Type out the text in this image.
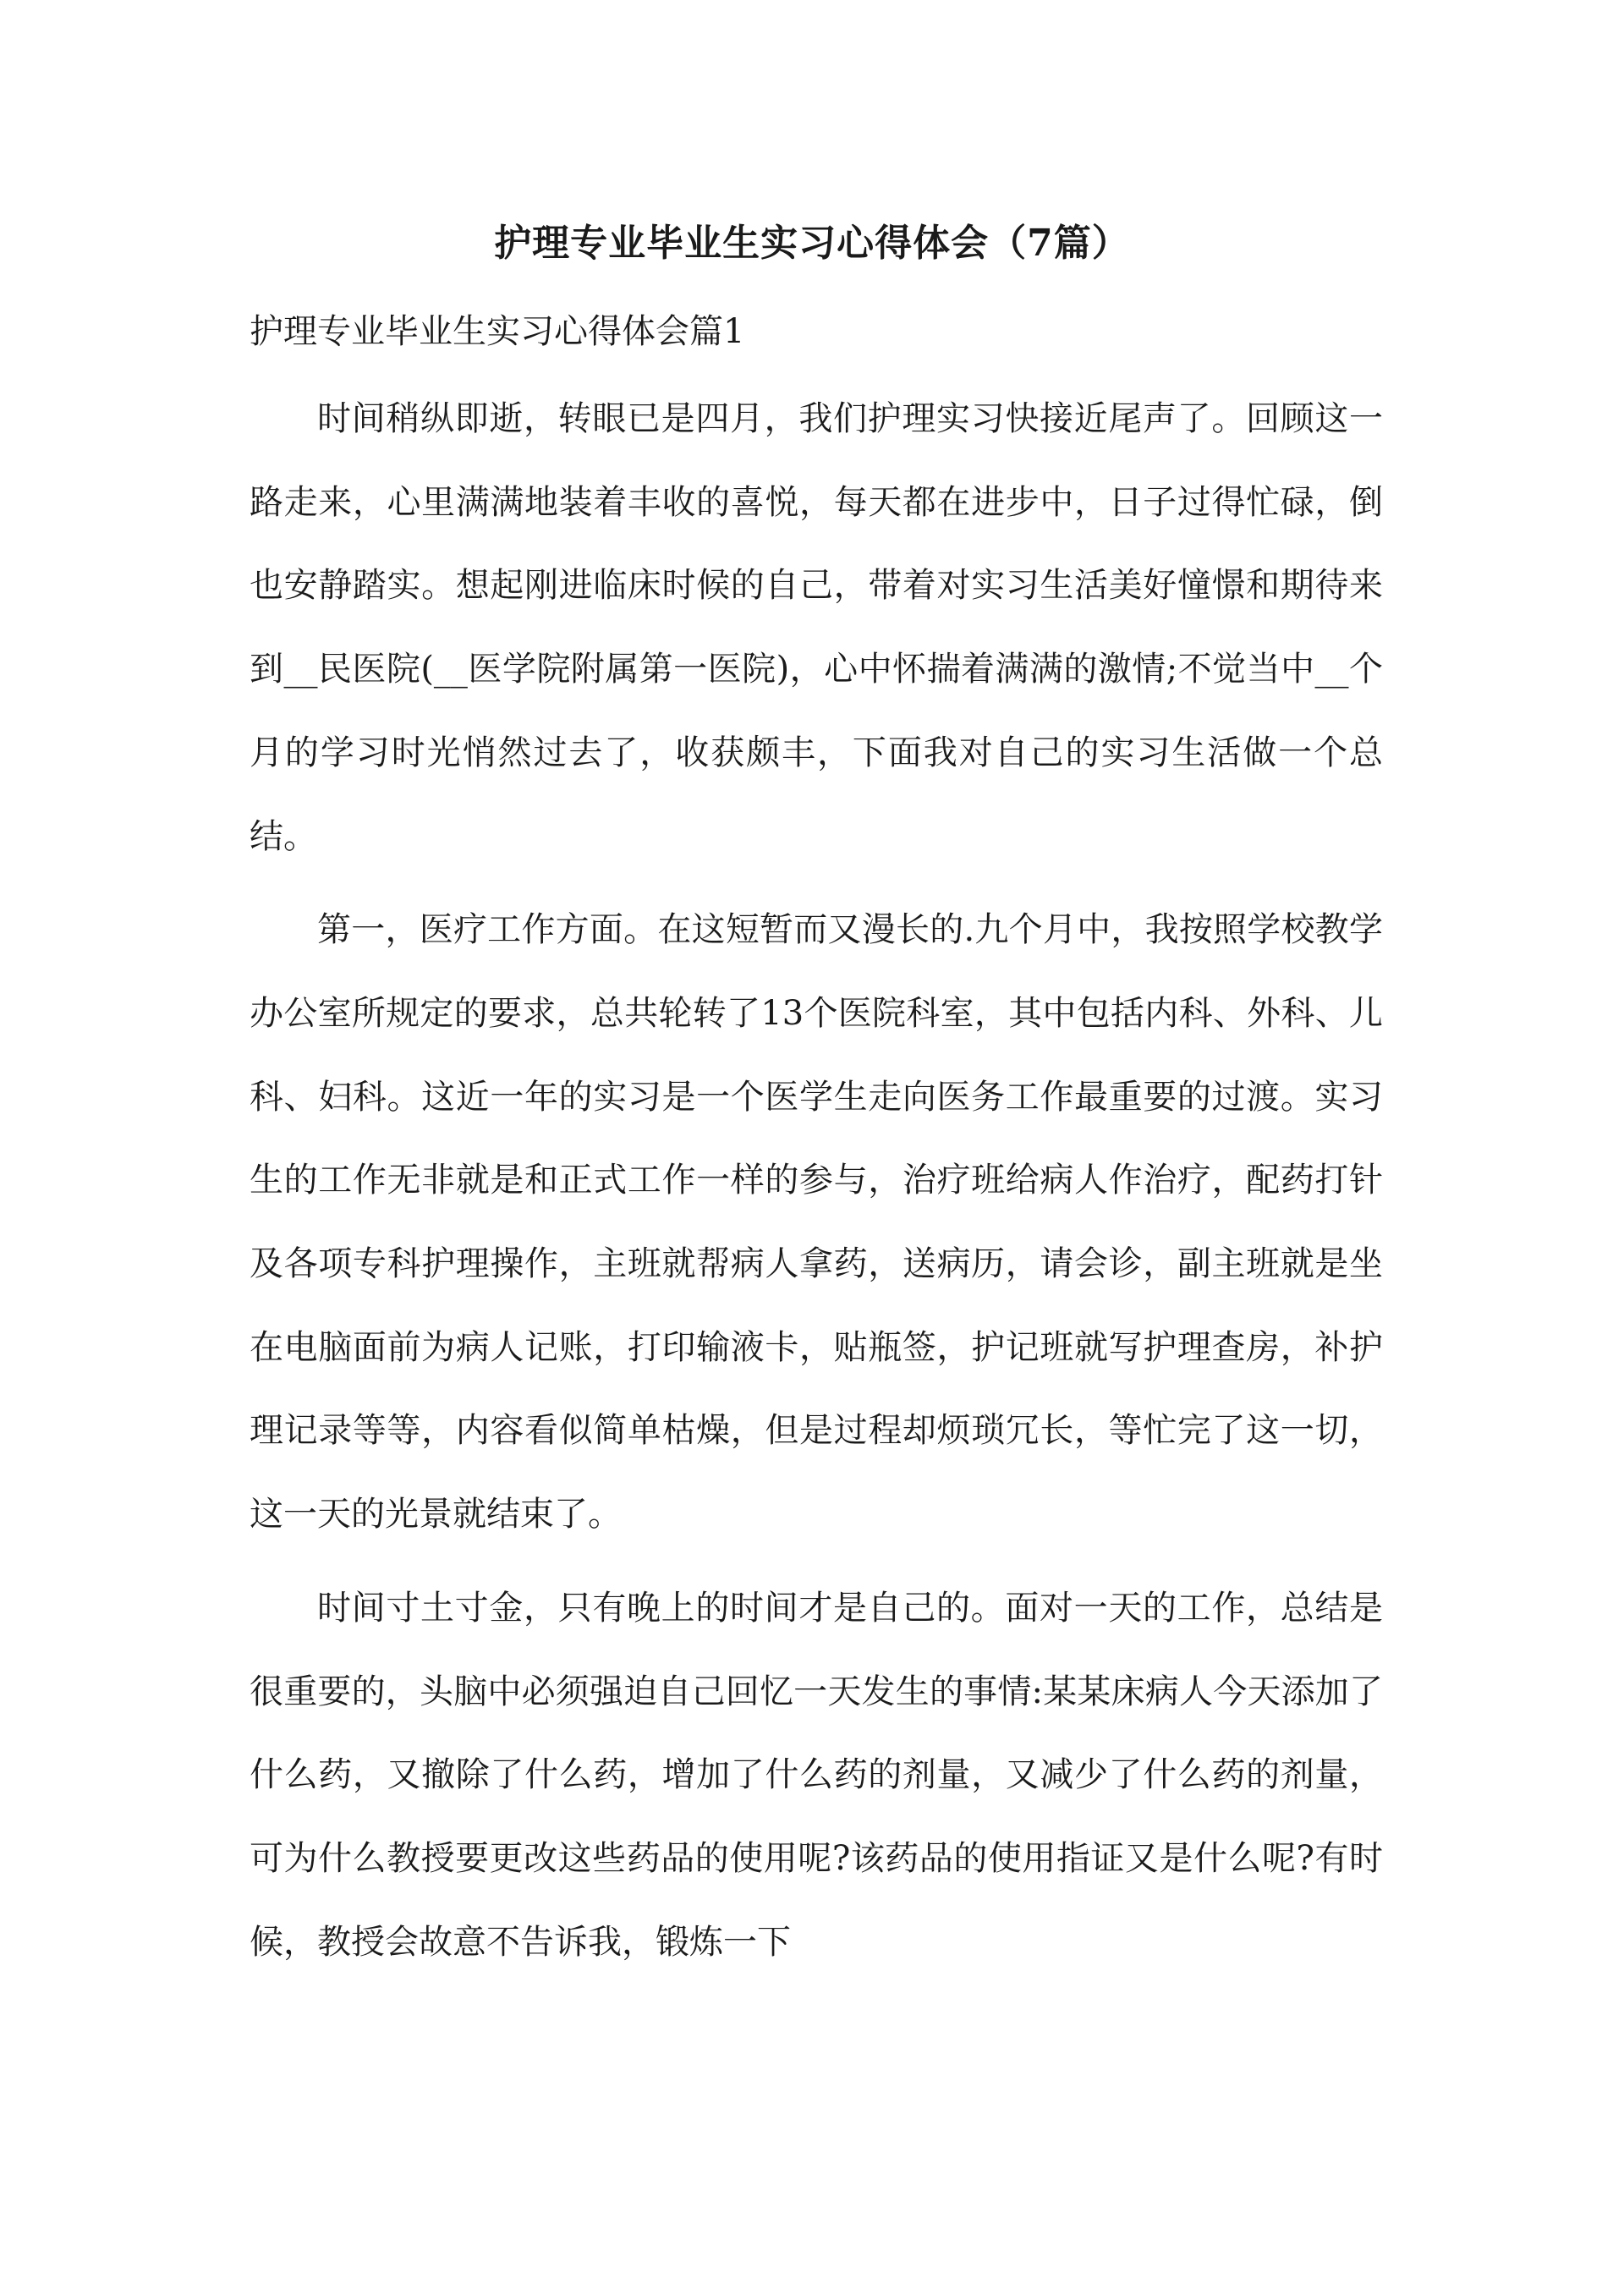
护理专业毕业生实习心得体会（7篇）

护理专业毕业生实习心得体会篇1

时间稍纵即逝，转眼已是四月，我们护理实习快接近尾声了。回顾这一路走来，心里满满地装着丰收的喜悦，每天都在进步中，日子过得忙碌，倒也安静踏实。想起刚进临床时候的自己，带着对实习生活美好憧憬和期待来到__民医院(__医学院附属第一医院)，心中怀揣着满满的激情;不觉当中__个月的学习时光悄然过去了，收获颇丰，下面我对自己的实习生活做一个总结。

第一，医疗工作方面。在这短暂而又漫长的.九个月中，我按照学校教学办公室所规定的要求，总共轮转了13个医院科室，其中包括内科、外科、儿科、妇科。这近一年的实习是一个医学生走向医务工作最重要的过渡。实习生的工作无非就是和正式工作一样的参与，治疗班给病人作治疗，配药打针及各项专科护理操作，主班就帮病人拿药，送病历，请会诊，副主班就是坐在电脑面前为病人记账，打印输液卡，贴瓶签，护记班就写护理查房，补护理记录等等，内容看似简单枯燥，但是过程却烦琐冗长，等忙完了这一切，这一天的光景就结束了。

时间寸土寸金，只有晚上的时间才是自己的。面对一天的工作，总结是很重要的，头脑中必须强迫自己回忆一天发生的事情:某某床病人今天添加了什么药，又撤除了什么药，增加了什么药的剂量，又减少了什么药的剂量，可为什么教授要更改这些药品的使用呢?该药品的使用指证又是什么呢?有时候，教授会故意不告诉我，锻炼一下
